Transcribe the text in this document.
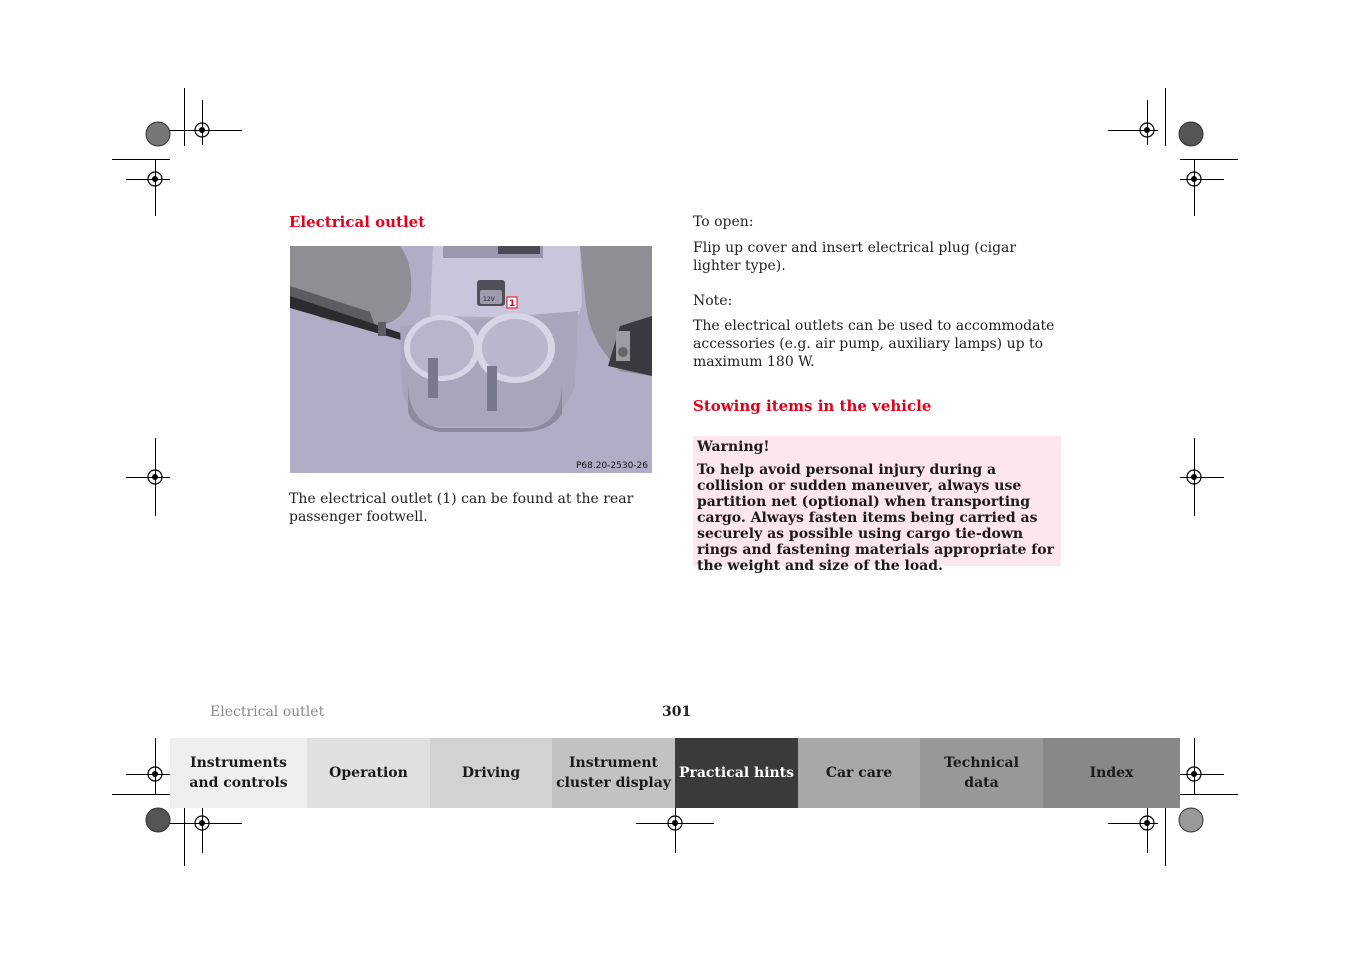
Electrical outlet
12V 1
P68.20-2530-26
The electrical outlet (1) can be found at the rear passenger footwell.
To open:
Flip up cover and insert electrical plug (cigar lighter type).
Note:
The electrical outlets can be used to accommodate accessories (e.g. air pump, auxiliary lamps) up to maximum 180 W.
Stowing items in the vehicle
Warning!
To help avoid personal injury during a collision or sudden maneuver, always use partition net (optional) when transporting cargo. Always fasten items being carried as securely as possible using cargo tie-down rings and fastening materials appropriate for the weight and size of the load.
Electrical outlet	301
Instruments
and controls
Operation	Driving
Instrument
cluster display
Practical hints Car care
Technical
data
Index
